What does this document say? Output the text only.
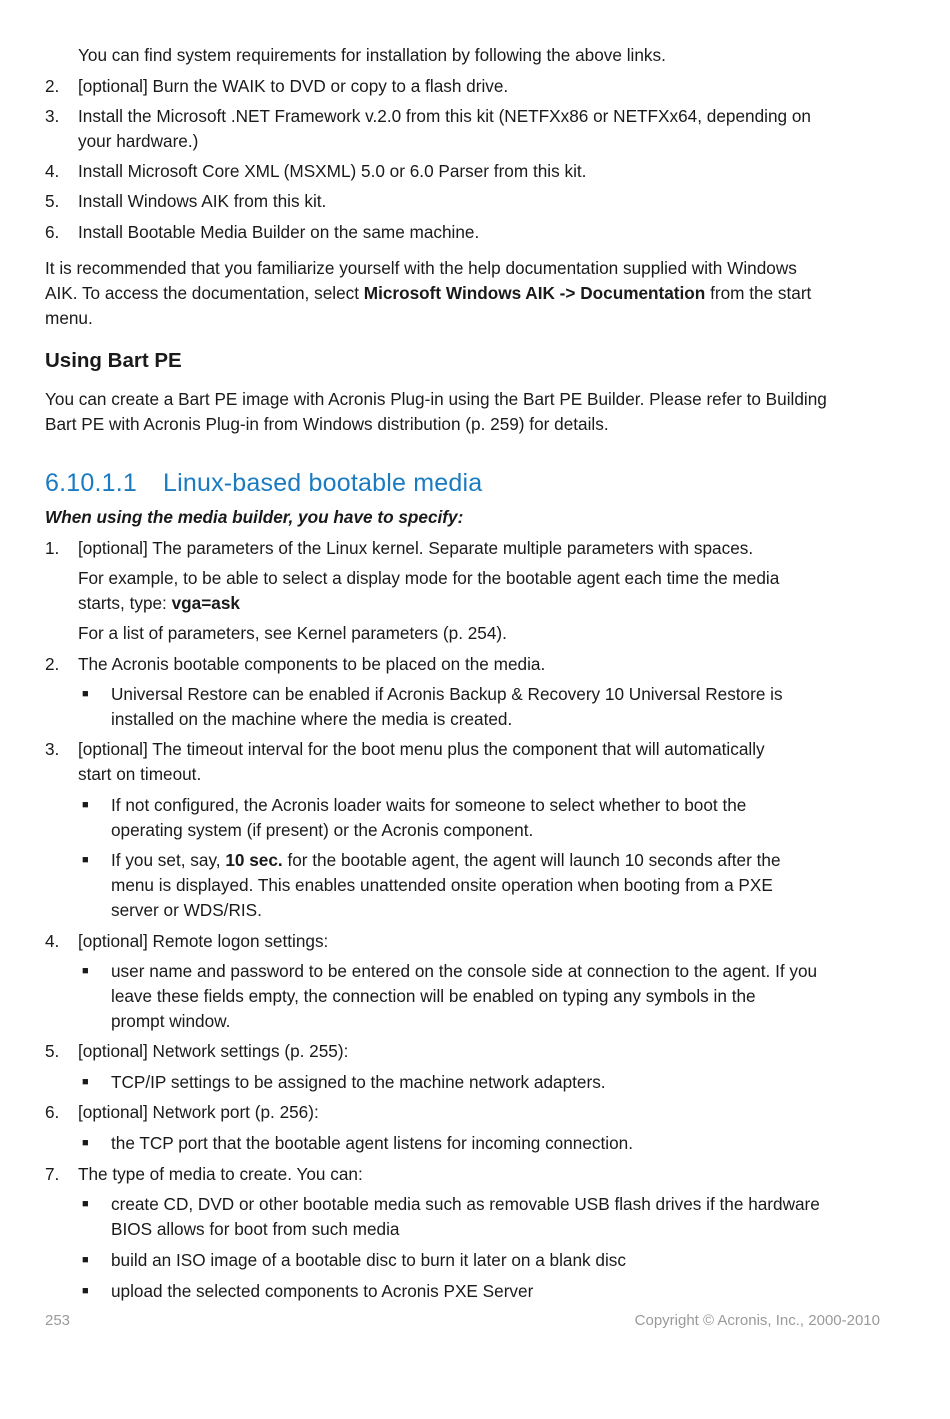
You can find system requirements for installation by following the above links.
2. [optional] Burn the WAIK to DVD or copy to a flash drive.
3. Install the Microsoft .NET Framework v.2.0 from this kit (NETFXx86 or NETFXx64, depending on
your hardware.)
4. Install Microsoft Core XML (MSXML) 5.0 or 6.0 Parser from this kit.
5. Install Windows AIK from this kit.
6. Install Bootable Media Builder on the same machine.
It is recommended that you familiarize yourself with the help documentation supplied with Windows
AIK. To access the documentation, select Microsoft Windows AIK -> Documentation from the start
menu.
Using Bart PE
You can create a Bart PE image with Acronis Plug-in using the Bart PE Builder. Please refer to Building
Bart PE with Acronis Plug-in from Windows distribution (p. 259) for details.
6.10.1.1 Linux-based bootable media
When using the media builder, you have to specify:
1. [optional] The parameters of the Linux kernel. Separate multiple parameters with spaces.
For example, to be able to select a display mode for the bootable agent each time the media
starts, type: vga=ask
For a list of parameters, see Kernel parameters (p. 254).
2. The Acronis bootable components to be placed on the media.
■ Universal Restore can be enabled if Acronis Backup & Recovery 10 Universal Restore is
installed on the machine where the media is created.
3. [optional] The timeout interval for the boot menu plus the component that will automatically
start on timeout.
■ If not configured, the Acronis loader waits for someone to select whether to boot the
operating system (if present) or the Acronis component.
■ If you set, say, 10 sec. for the bootable agent, the agent will launch 10 seconds after the
menu is displayed. This enables unattended onsite operation when booting from a PXE
server or WDS/RIS.
4. [optional] Remote logon settings:
■ user name and password to be entered on the console side at connection to the agent. If you
leave these fields empty, the connection will be enabled on typing any symbols in the
prompt window.
5. [optional] Network settings (p. 255):
■ TCP/IP settings to be assigned to the machine network adapters.
6. [optional] Network port (p. 256):
■ the TCP port that the bootable agent listens for incoming connection.
7. The type of media to create. You can:
■ create CD, DVD or other bootable media such as removable USB flash drives if the hardware
BIOS allows for boot from such media
■ build an ISO image of a bootable disc to burn it later on a blank disc
■ upload the selected components to Acronis PXE Server
253	Copyright © Acronis, Inc., 2000-2010
